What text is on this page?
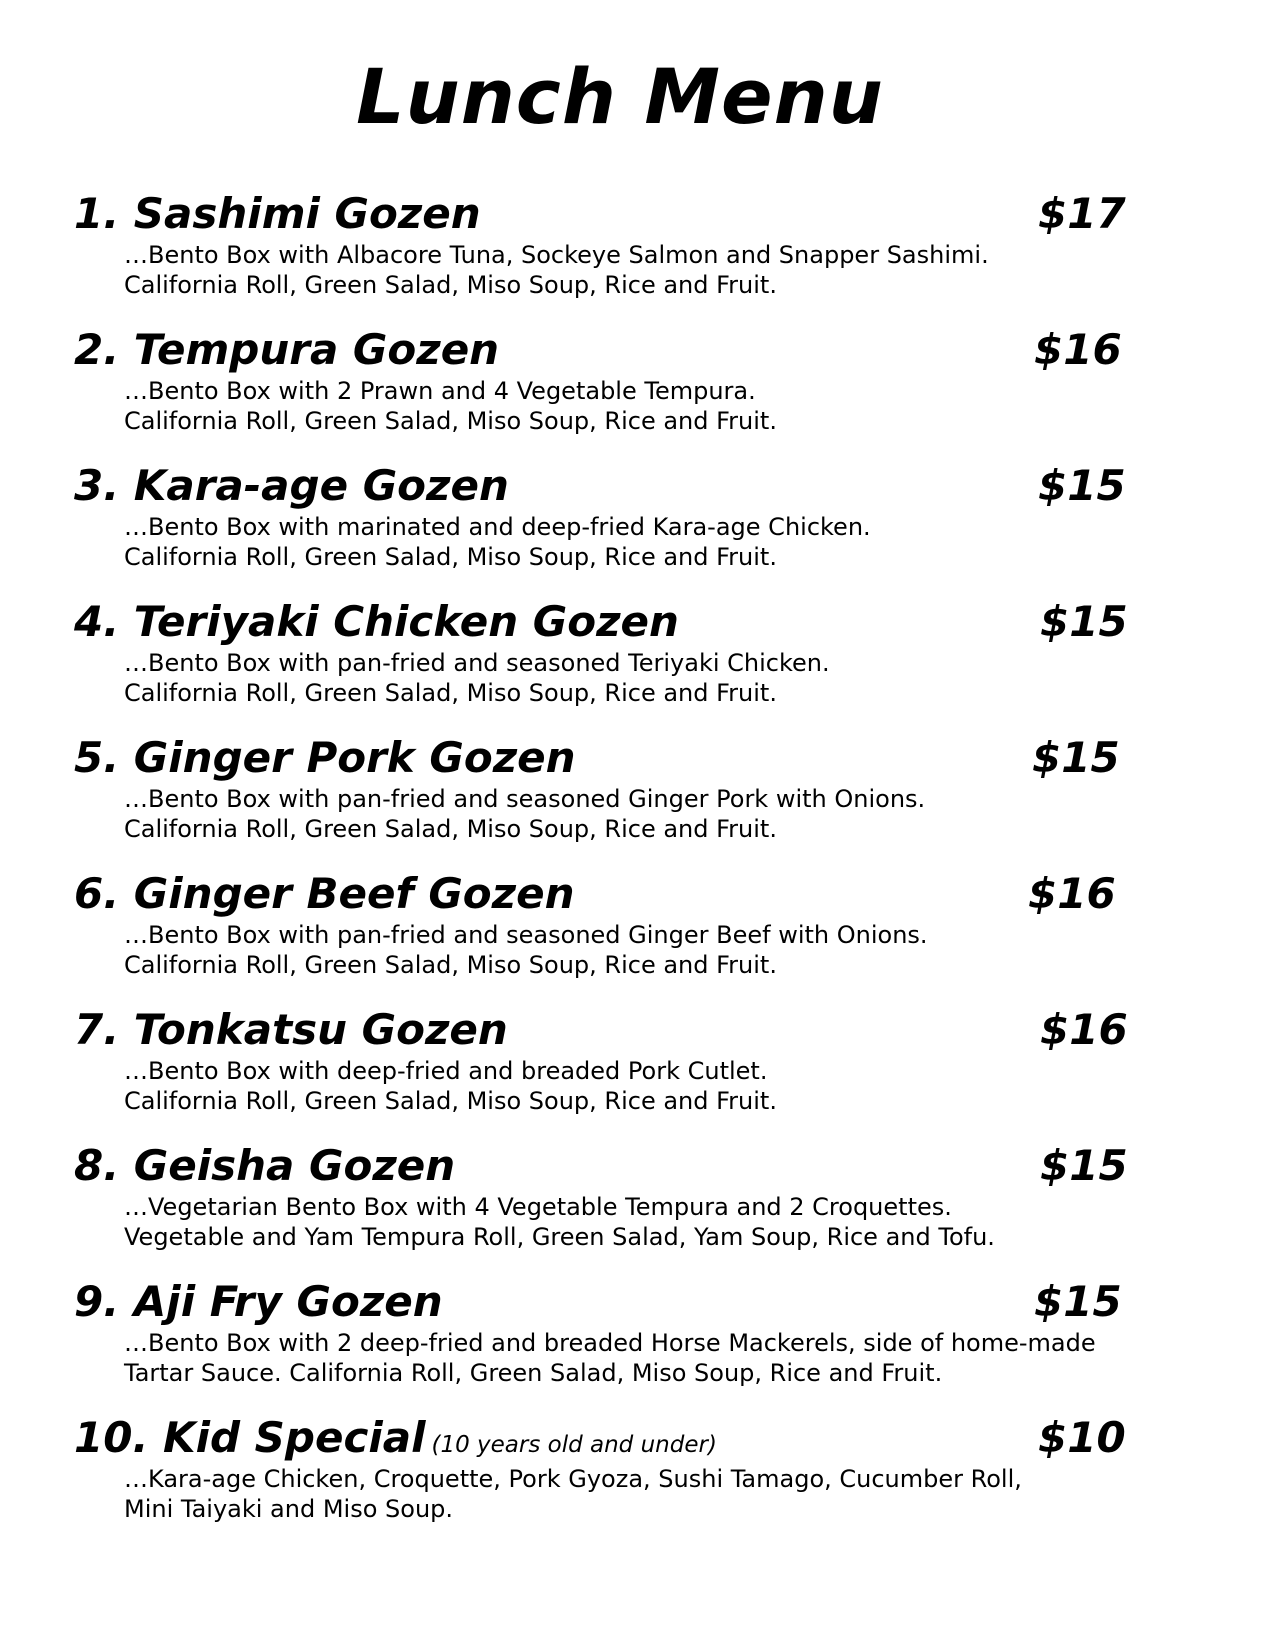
Lunch Menu
1. Sashimi Gozen	$17
…Bento Box with Albacore Tuna, Sockeye Salmon and Snapper Sashimi.
California Roll, Green Salad, Miso Soup, Rice and Fruit.
2. Tempura Gozen	$16
…Bento Box with 2 Prawn and 4 Vegetable Tempura.
California Roll, Green Salad, Miso Soup, Rice and Fruit.
3. Kara-age Gozen	$15
…Bento Box with marinated and deep-fried Kara-age Chicken.
California Roll, Green Salad, Miso Soup, Rice and Fruit.
4. Teriyaki Chicken Gozen	$15
…Bento Box with pan-fried and seasoned Teriyaki Chicken.
California Roll, Green Salad, Miso Soup, Rice and Fruit.
5. Ginger Pork Gozen	$15
…Bento Box with pan-fried and seasoned Ginger Pork with Onions.
California Roll, Green Salad, Miso Soup, Rice and Fruit.
6. Ginger Beef Gozen	$16
…Bento Box with pan-fried and seasoned Ginger Beef with Onions.
California Roll, Green Salad, Miso Soup, Rice and Fruit.
7. Tonkatsu Gozen	$16
…Bento Box with deep-fried and breaded Pork Cutlet.
California Roll, Green Salad, Miso Soup, Rice and Fruit.
8. Geisha Gozen	$15
…Vegetarian Bento Box with 4 Vegetable Tempura and 2 Croquettes.
Vegetable and Yam Tempura Roll, Green Salad, Yam Soup, Rice and Tofu.
9. Aji Fry Gozen	$15
…Bento Box with 2 deep-fried and breaded Horse Mackerels, side of home-made
Tartar Sauce. California Roll, Green Salad, Miso Soup, Rice and Fruit.
10. Kid Special (10 years old and under)	$10
…Kara-age Chicken, Croquette, Pork Gyoza, Sushi Tamago, Cucumber Roll,
Mini Taiyaki and Miso Soup.
